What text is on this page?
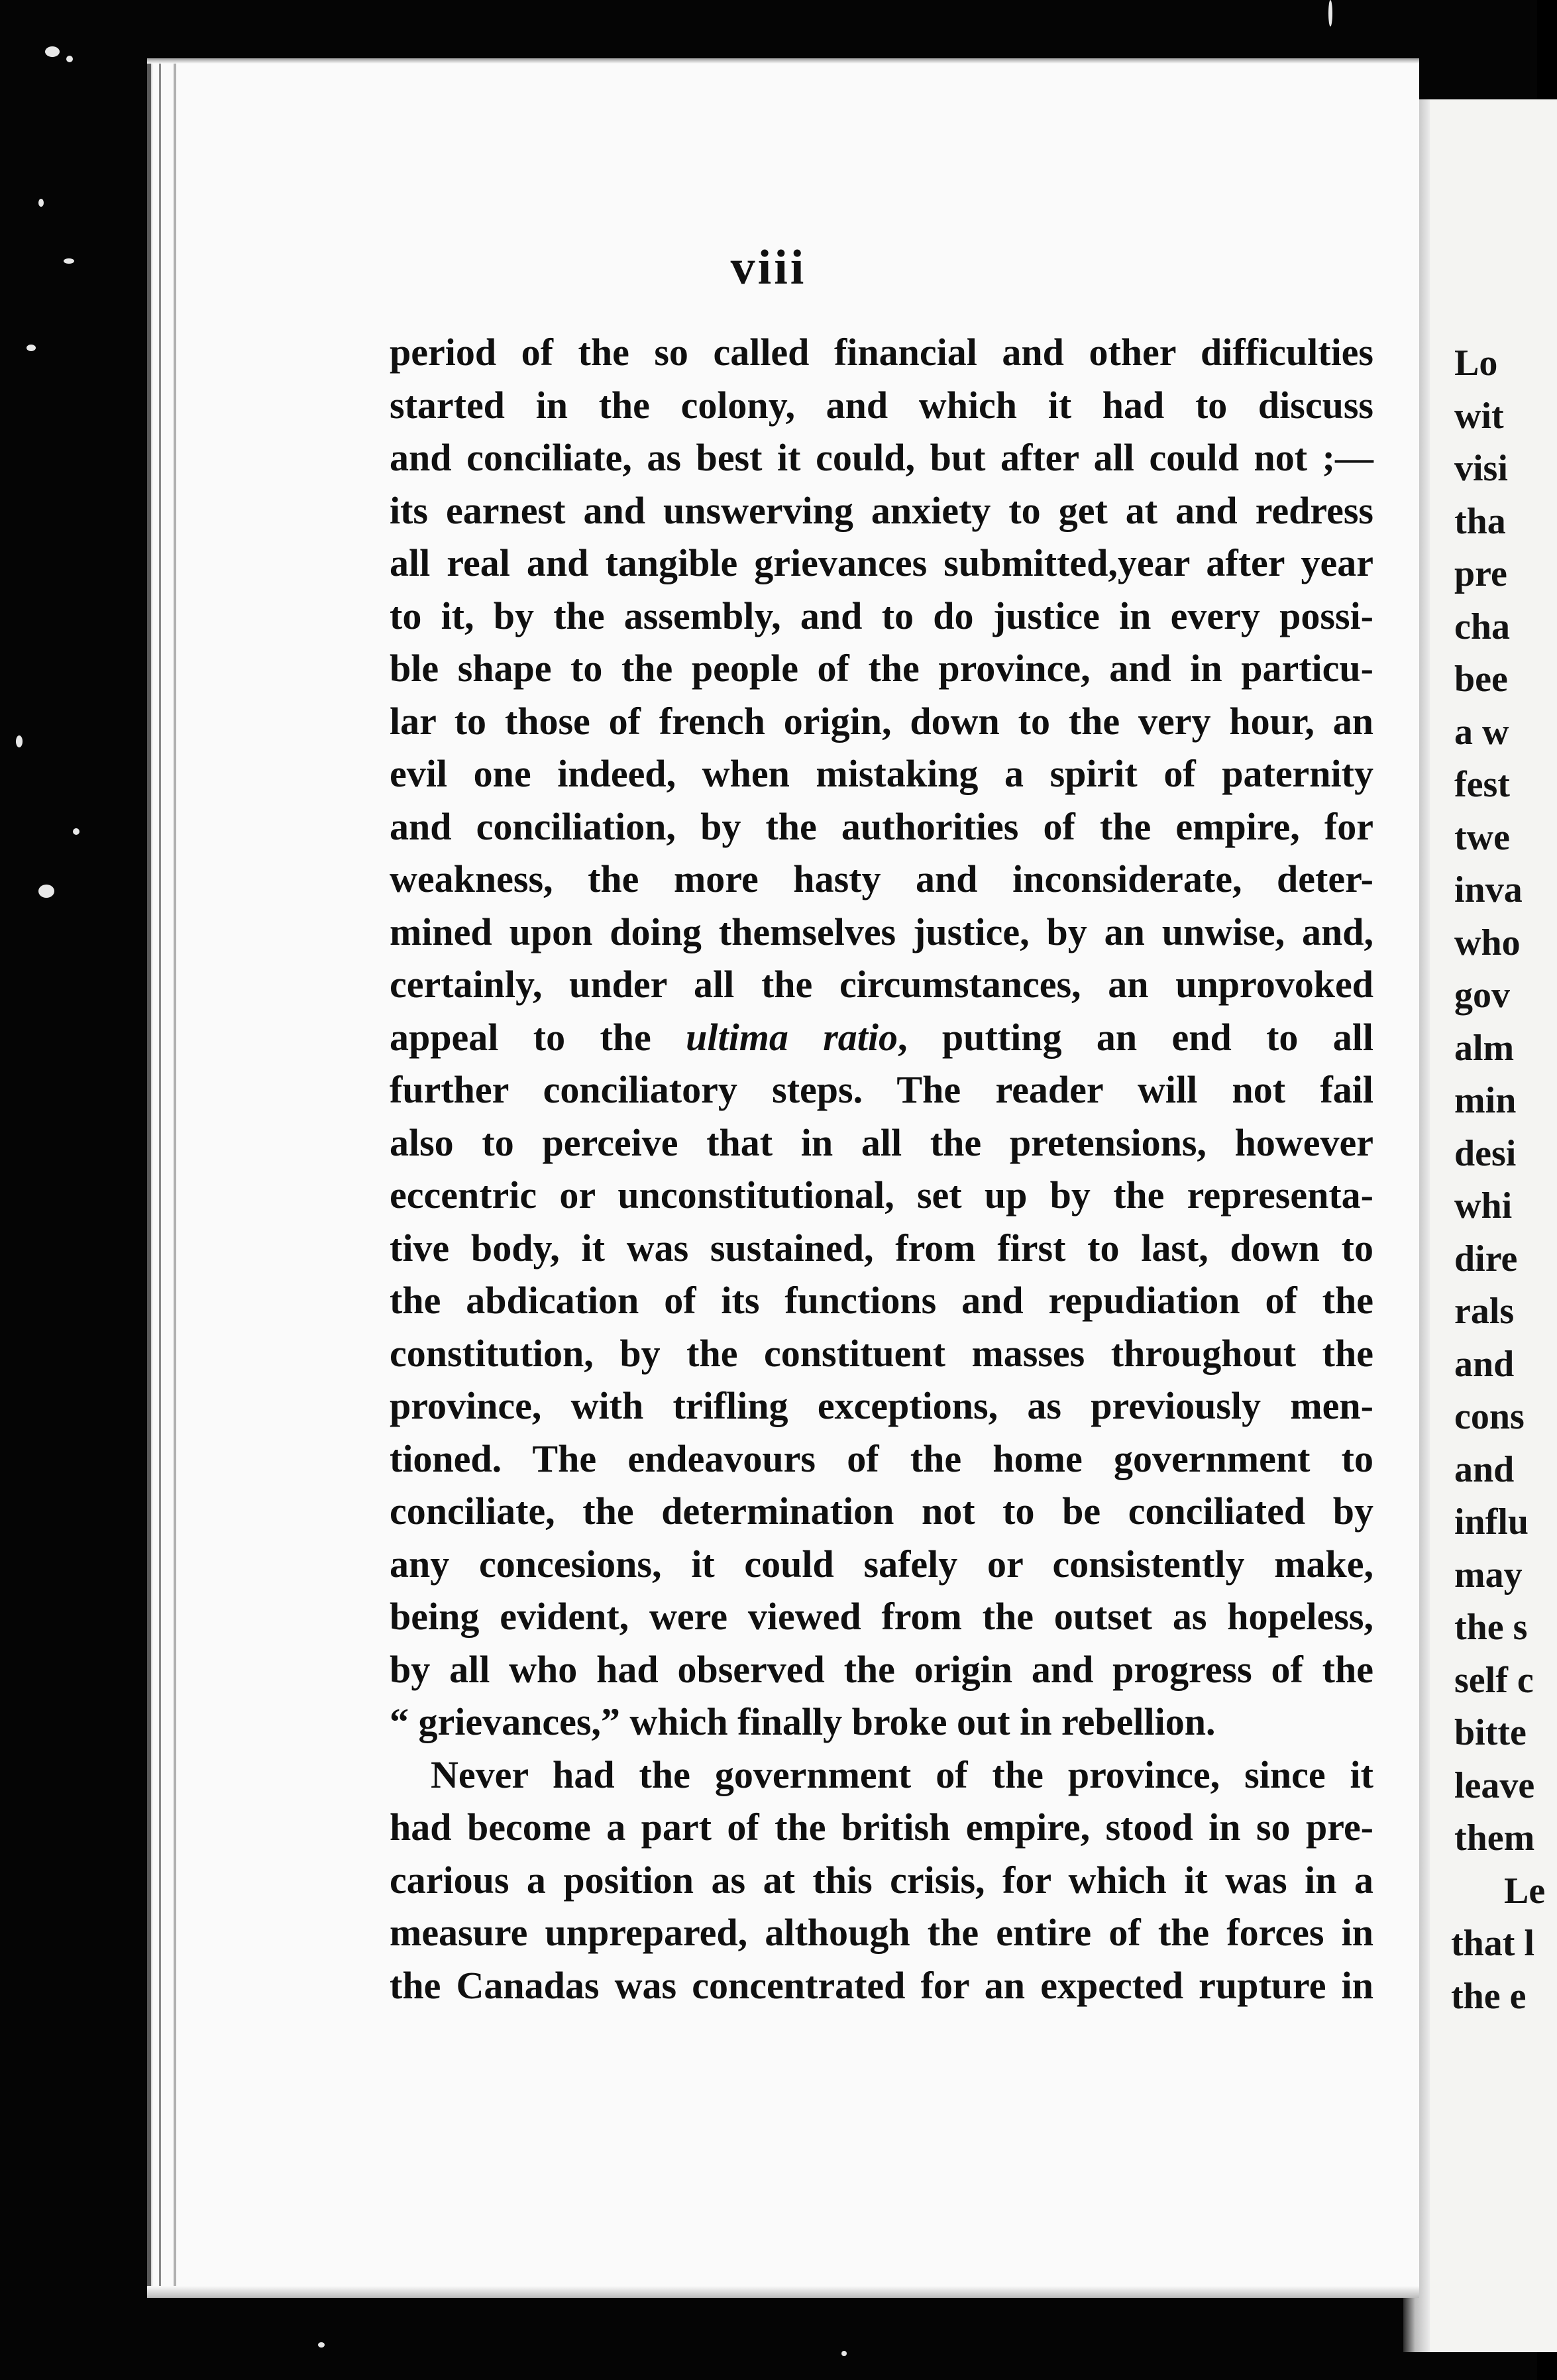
Lo
wit
visi
tha
pre
cha
bee
a w
fest
twe
inva
who
gov
alm
min
desi
whi
dire
rals
and
cons
and
influ
may
the s
self c
bitte
leave
them
Le
that l
the e
viii
period of the so called financial and other difficulties
started in the colony, and which it had to discuss
and conciliate, as best it could, but after all could not ;—
its earnest and unswerving anxiety to get at and redress
all real and tangible grievances submitted,year after year
to it, by the assembly, and to do justice in every possi-
ble shape to the people of the province, and in particu-
lar to those of french origin, down to the very hour, an
evil one indeed, when mistaking a spirit of paternity
and conciliation, by the authorities of the empire, for
weakness, the more hasty and inconsiderate, deter-
mined upon doing themselves justice, by an unwise, and,
certainly, under all the circumstances, an unprovoked
appeal to the ultima ratio, putting an end to all
further conciliatory steps. The reader will not fail
also to perceive that in all the pretensions, however
eccentric or unconstitutional, set up by the representa-
tive body, it was sustained, from first to last, down to
the abdication of its functions and repudiation of the
constitution, by the constituent masses throughout the
province, with trifling exceptions, as previously men-
tioned. The endeavours of the home government to
conciliate, the determination not to be conciliated by
any concesions, it could safely or consistently make,
being evident, were viewed from the outset as hopeless,
by all who had observed the origin and progress of the
“ grievances,” which finally broke out in rebellion.
Never had the government of the province, since it
had become a part of the british empire, stood in so pre-
carious a position as at this crisis, for which it was in a
measure unprepared, although the entire of the forces in
the Canadas was concentrated for an expected rupture in
